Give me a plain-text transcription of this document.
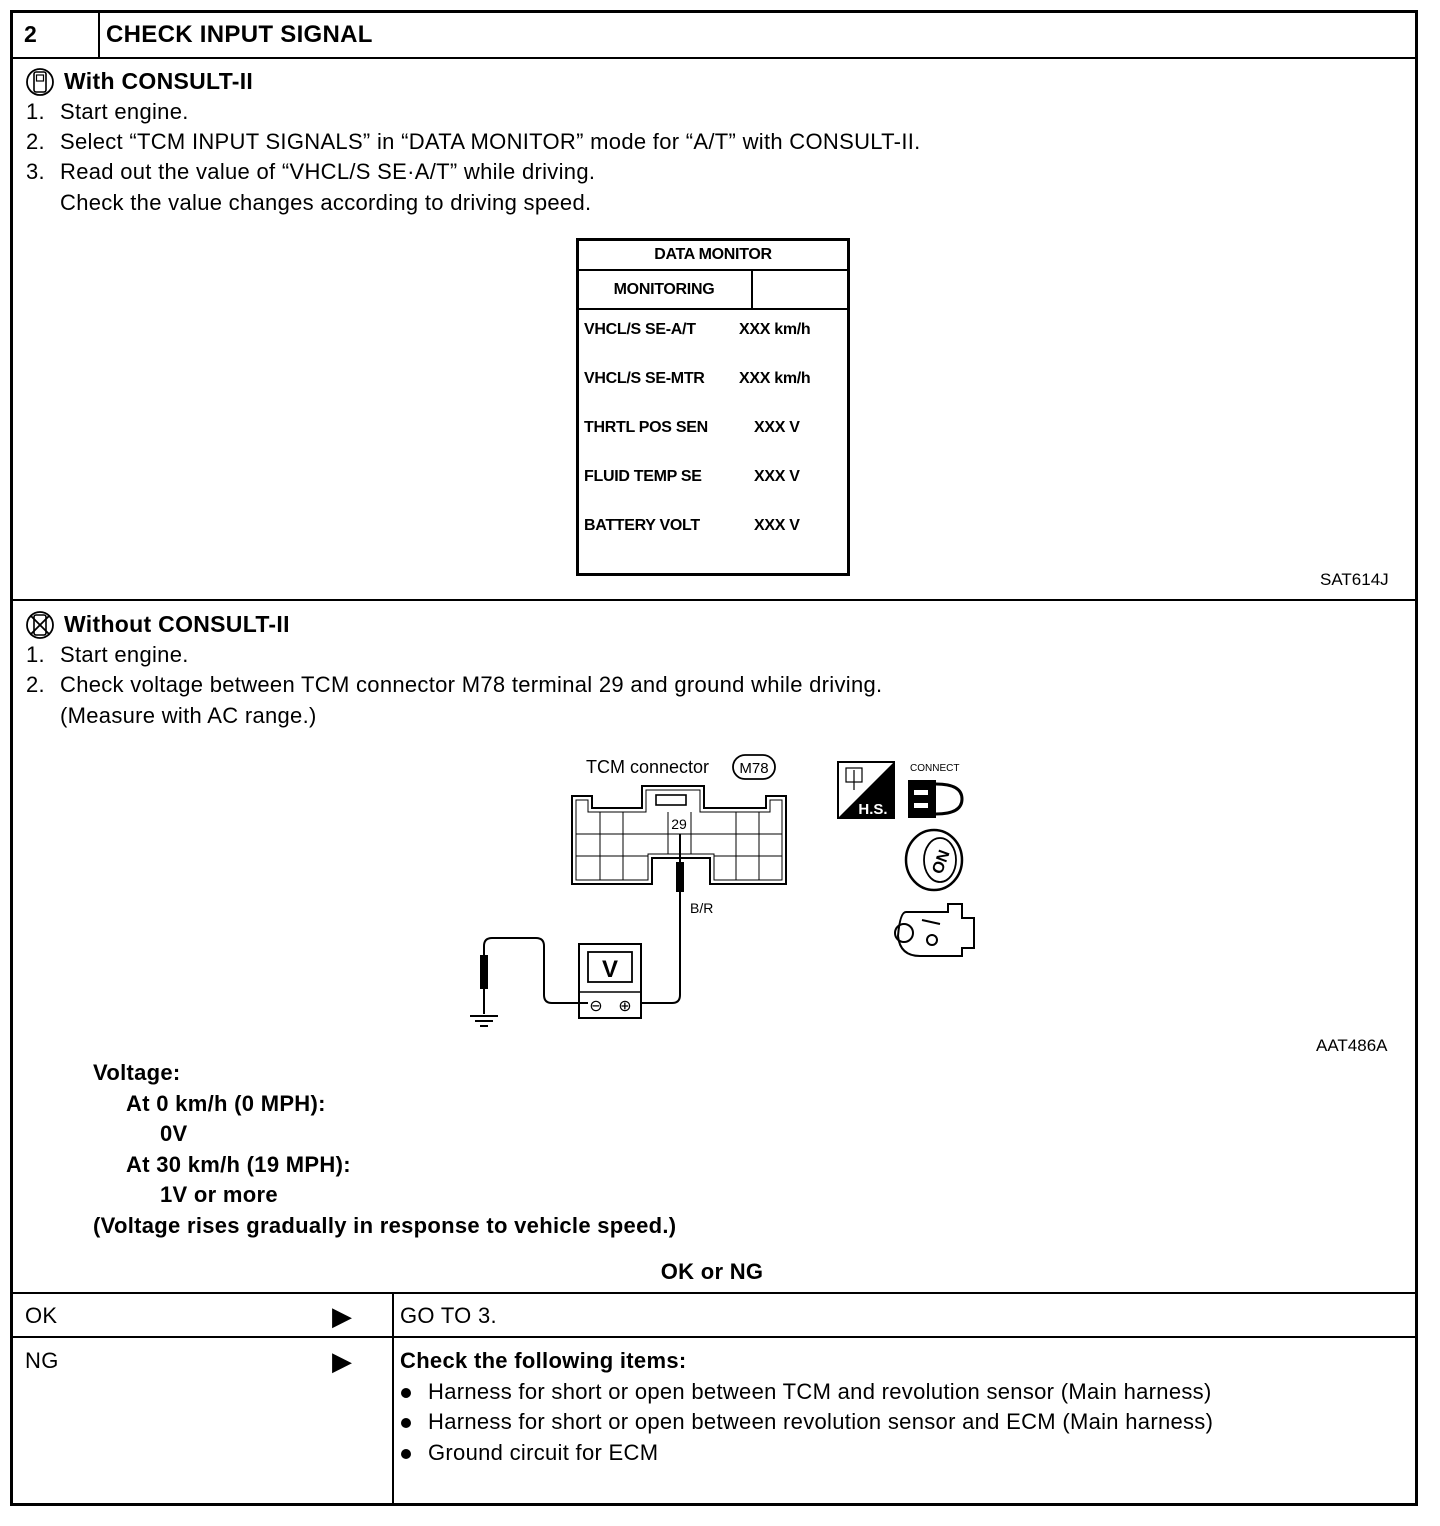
2	CHECK INPUT SIGNAL
With CONSULT-II
1. Start engine.
2. Select “TCM INPUT SIGNALS” in “DATA MONITOR” mode for “A/T” with CONSULT-II.
3. Read out the value of “VHCL/S SE·A/T” while driving.
Check the value changes according to driving speed.
DATA MONITOR
MONITORING
VHCL/S SE-A/T	XXX km/h
VHCL/S SE-MTR XXX km/h
THRTL POS SEN	XXX V
FLUID TEMP SE	XXX V
BATTERY VOLT	XXX V
SAT614J
Without CONSULT-II
1. Start engine.
2. Check voltage between TCM connector M78 terminal 29 and ground while driving.
(Measure with AC range.)
TCM connector M78
29
B/R
V
⊖ ⊕
H.S.
CONNECT
ON
AAT486A
Voltage:
At 0 km/h (0 MPH):
0V
At 30 km/h (19 MPH):
1V or more
(Voltage rises gradually in response to vehicle speed.)
OK or NG
OK	▶ GO TO 3.
NG	▶ Check the following items:
Harness for short or open between TCM and revolution sensor (Main harness)
Harness for short or open between revolution sensor and ECM (Main harness)
Ground circuit for ECM
